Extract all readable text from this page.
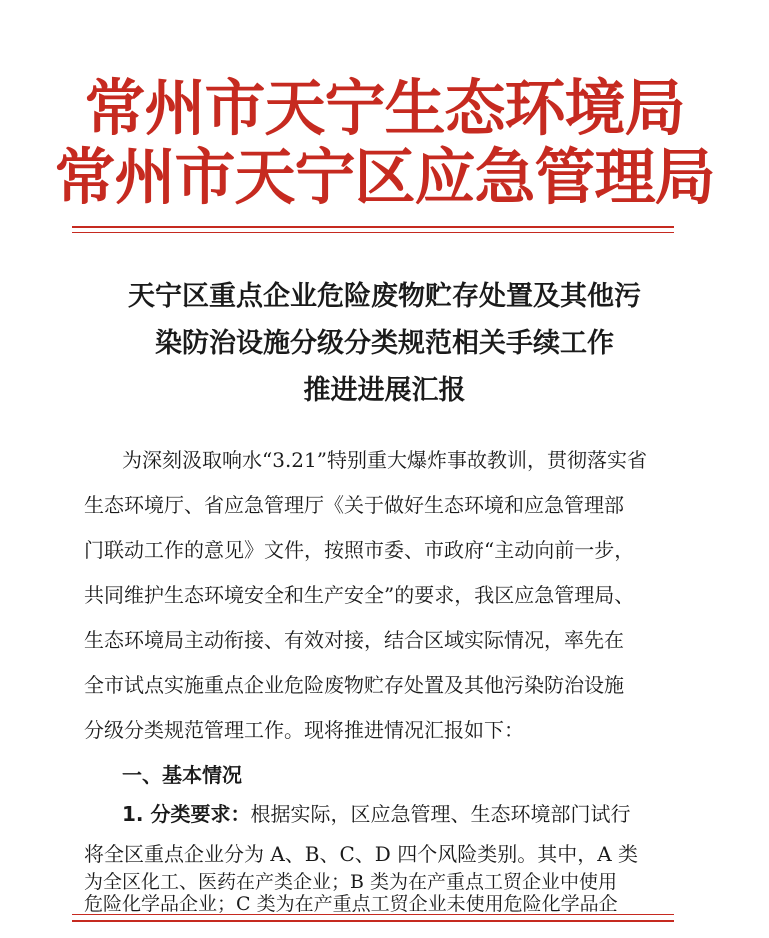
常州市天宁生态环境局
常州市天宁区应急管理局
天宁区重点企业危险废物贮存处置及其他污
染防治设施分级分类规范相关手续工作
推进进展汇报
为深刻汲取响水“3.21”特别重大爆炸事故教训，贯彻落实省
生态环境厅、省应急管理厅《关于做好生态环境和应急管理部
门联动工作的意见》文件，按照市委、市政府“主动向前一步，
共同维护生态环境安全和生产安全”的要求，我区应急管理局、
生态环境局主动衔接、有效对接，结合区域实际情况，率先在
全市试点实施重点企业危险废物贮存处置及其他污染防治设施
分级分类规范管理工作。现将推进情况汇报如下：
一、基本情况
1. 分类要求：根据实际，区应急管理、生态环境部门试行
将全区重点企业分为 A、B、C、D 四个风险类别。其中，A 类
为全区化工、医药在产类企业；B 类为在产重点工贸企业中使用
危险化学品企业；C 类为在产重点工贸企业未使用危险化学品企
